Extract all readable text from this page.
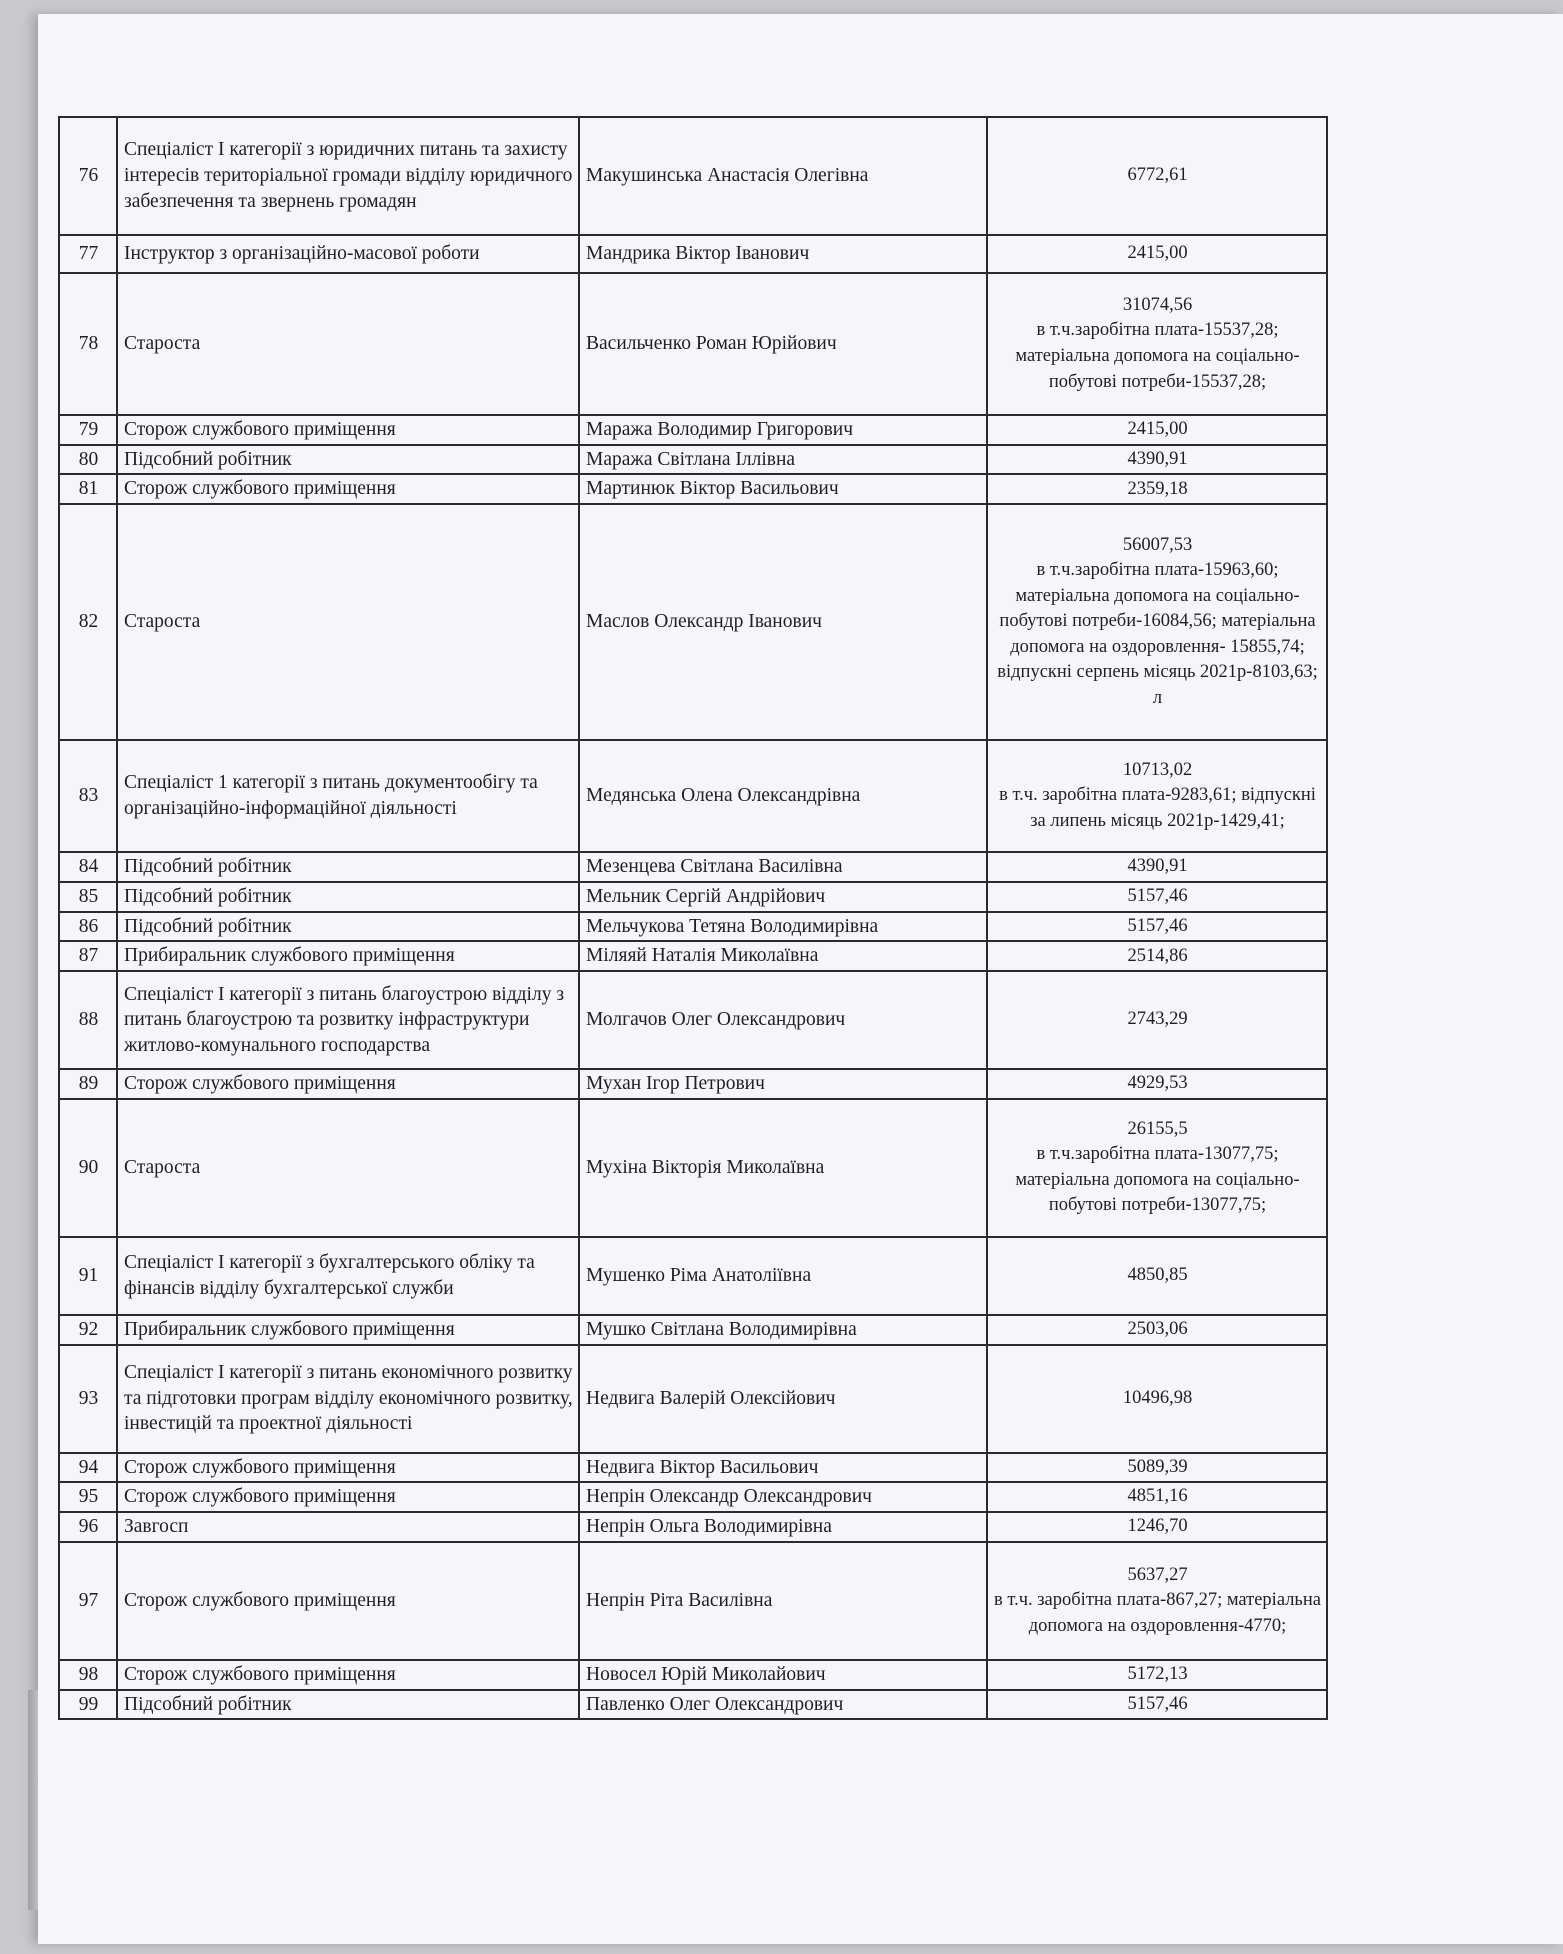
76	Спеціаліст І категорії з юридичних питань та захисту інтересів територіальної громади відділу юридичного забезпечення та звернень громадян	Макушинська Анастасія Олегівна	6772,61

77	Інструктор з організаційно-масової роботи	Мандрика Віктор Іванович	2415,00

78	Староста	Васильченко Роман Юрійович	31074,56
в т.ч.заробітна плата-15537,28; матеріальна допомога на соціально-побутові потреби-15537,28;

79	Сторож службового приміщення	Маража Володимир Григорович	2415,00

80	Підсобний робітник	Маража Світлана Іллівна	4390,91

81	Сторож службового приміщення	Мартинюк Віктор Васильович	2359,18

82	Староста	Маслов Олександр Іванович	56007,53
в т.ч.заробітна плата-15963,60; матеріальна допомога на соціально-побутові потреби-16084,56; матеріальна допомога на оздоровлення- 15855,74; відпускні серпень місяць 2021р-8103,63; л

83	Спеціаліст 1 категорії з питань документообігу та організаційно-інформаційної діяльності	Медянська Олена Олександрівна	10713,02
в т.ч. заробітна плата-9283,61; відпускні за липень місяць 2021р-1429,41;

84	Підсобний робітник	Мезенцева Світлана Василівна	4390,91

85	Підсобний робітник	Мельник Сергій Андрійович	5157,46

86	Підсобний робітник	Мельчукова Тетяна Володимирівна	5157,46

87	Прибиральник службового приміщення	Міляяй Наталія Миколаївна	2514,86

88	Спеціаліст І категорії з питань благоустрою відділу з питань благоустрою та розвитку інфраструктури житлово-комунального господарства	Молгачов Олег Олександрович	2743,29

89	Сторож службового приміщення	Мухан Ігор Петрович	4929,53

90	Староста	Мухіна Вікторія Миколаївна	26155,5
в т.ч.заробітна плата-13077,75; матеріальна допомога на соціально-побутові потреби-13077,75;

91	Спеціаліст І категорії з бухгалтерського обліку та фінансів відділу бухгалтерської служби	Мушенко Ріма Анатоліївна	4850,85

92	Прибиральник службового приміщення	Мушко Світлана Володимирівна	2503,06

93	Спеціаліст І категорії з питань економічного розвитку та підготовки програм відділу економічного розвитку, інвестицій та проектної діяльності	Недвига Валерій Олексійович	10496,98

94	Сторож службового приміщення	Недвига Віктор Васильович	5089,39

95	Сторож службового приміщення	Непрін Олександр Олександрович	4851,16

96	Завгосп	Непрін Ольга Володимирівна	1246,70

97	Сторож службового приміщення	Непрін Ріта Василівна	5637,27
в т.ч. заробітна плата-867,27; матеріальна допомога на оздоровлення-4770;

98	Сторож службового приміщення	Новосел Юрій Миколайович	5172,13

99	Підсобний робітник	Павленко Олег Олександрович	5157,46
